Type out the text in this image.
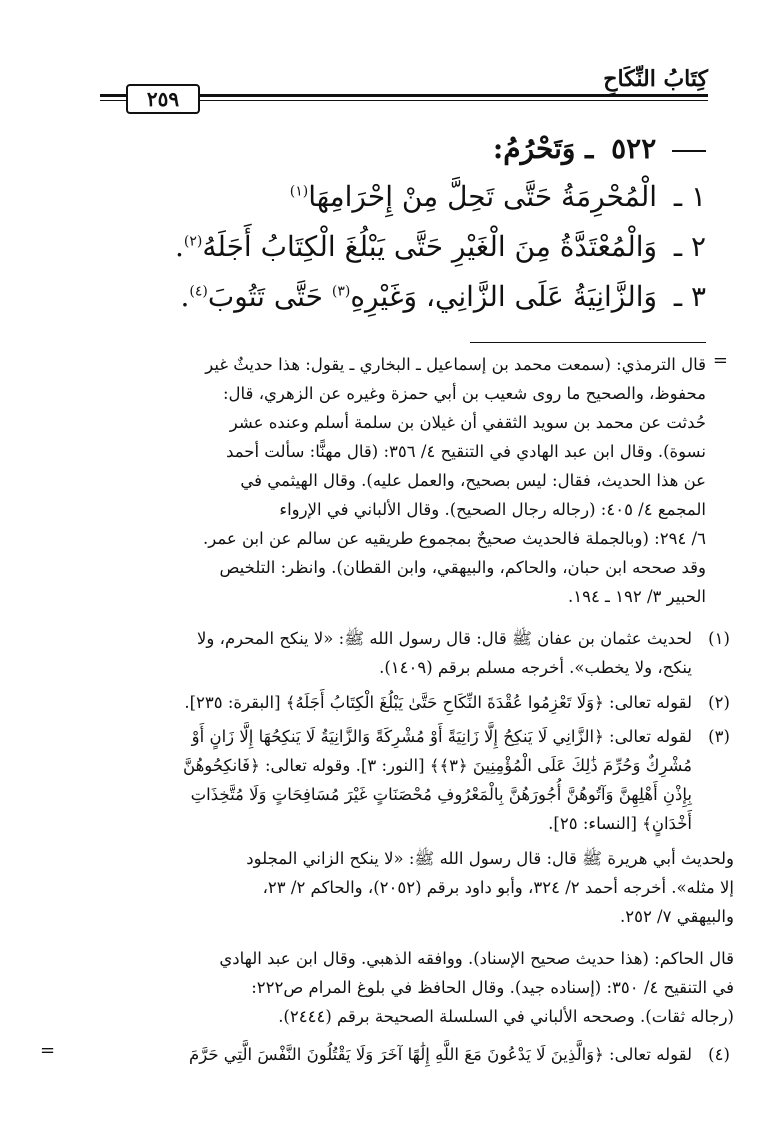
كِتَابُ النِّكَاحِ
٢٥٩
٥٢٢ ـ وَتَحْرُمُ:
١ ـ الْمُحْرِمَةُ حَتَّى تَحِلَّ مِنْ إِحْرَامِهَا$^{(١)}$
٢ ـ وَالْمُعْتَدَّةُ مِنَ الْغَيْرِ حَتَّى يَبْلُغَ الْكِتَابُ أَجَلَهُ$^{(٢)}$.
٣ ـ وَالزَّانِيَةُ عَلَى الزَّانِي، وَغَيْرِهِ$^{(٣)}$ حَتَّى تَتُوبَ$^{(٤)}$.
=

قال الترمذي: (سمعت محمد بن إسماعيل ـ البخاري ـ يقول: هذا حديثٌ غير

محفوظ، والصحيح ما روى شعيب بن أبي حمزة وغيره عن الزهري، قال:

حُدثت عن محمد بن سويد الثقفي أن غيلان بن سلمة أسلم وعنده عشر

نسوة). وقال ابن عبد الهادي في التنقيح ٤/ ٣٥٦: (قال مهنًّا: سألت أحمد

عن هذا الحديث، فقال: ليس بصحيح، والعمل عليه). وقال الهيثمي في

المجمع ٤/ ٤٠٥: (رجاله رجال الصحيح). وقال الألباني في الإرواء

٦/ ٢٩٤: (وبالجملة فالحديث صحيحٌ بمجموع طريقيه عن سالم عن ابن عمر.

وقد صححه ابن حبان، والحاكم، والبيهقي، وابن القطان). وانظر: التلخيص

الحبير ٣/ ١٩٢ ـ ١٩٤.

(١)

لحديث عثمان بن عفان ﷺ قال: قال رسول الله ﷺ: «لا ينكح المحرم، ولا

ينكح، ولا يخطب». أخرجه مسلم برقم (١٤٠٩).

(٢)

لقوله تعالى: ﴿وَلَا تَعْزِمُوا عُقْدَةَ النِّكَاحِ حَتَّىٰ يَبْلُغَ الْكِتَابُ أَجَلَهُ﴾ [البقرة: ٢٣٥].

(٣)

لقوله تعالى: ﴿الزَّانِي لَا يَنكِحُ إِلَّا زَانِيَةً أَوْ مُشْرِكَةً وَالزَّانِيَةُ لَا يَنكِحُهَا إِلَّا زَانٍ أَوْ

مُشْرِكٌ وَحُرِّمَ ذَٰلِكَ عَلَى الْمُؤْمِنِينَ ﴿٣﴾﴾ [النور: ٣]. وقوله تعالى: ﴿فَانكِحُوهُنَّ

بِإِذْنِ أَهْلِهِنَّ وَآتُوهُنَّ أُجُورَهُنَّ بِالْمَعْرُوفِ مُحْصَنَاتٍ غَيْرَ مُسَافِحَاتٍ وَلَا مُتَّخِذَاتِ

أَخْدَانٍ﴾ [النساء: ٢٥].

ولحديث أبي هريرة ﷺ قال: قال رسول الله ﷺ: «لا ينكح الزاني المجلود

إلا مثله». أخرجه أحمد ٢/ ٣٢٤، وأبو داود برقم (٢٠٥٢)، والحاكم ٢/ ٢٣،

والبيهقي ٧/ ٢٥٢.

قال الحاكم: (هذا حديث صحيح الإسناد). ووافقه الذهبي. وقال ابن عبد الهادي

في التنقيح ٤/ ٣٥٠: (إسناده جيد). وقال الحافظ في بلوغ المرام ص٢٢٢:

(رجاله ثقات). وصححه الألباني في السلسلة الصحيحة برقم (٢٤٤٤).

(٤)

لقوله تعالى: ﴿وَالَّذِينَ لَا يَدْعُونَ مَعَ اللَّهِ إِلَٰهًا آخَرَ وَلَا يَقْتُلُونَ النَّفْسَ الَّتِي حَرَّمَ

=
